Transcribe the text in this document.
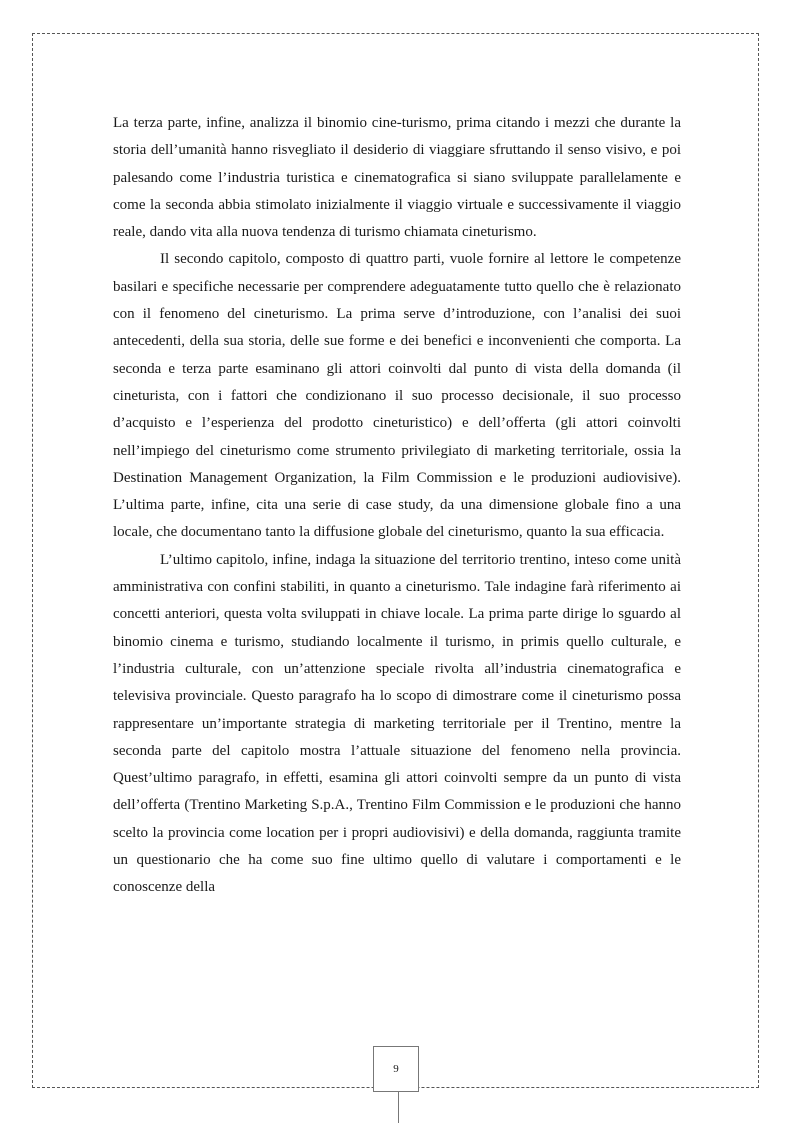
La terza parte, infine, analizza il binomio cine-turismo, prima citando i mezzi che durante la storia dell’umanità hanno risvegliato il desiderio di viaggiare sfruttando il senso visivo, e poi palesando come l’industria turistica e cinematografica si siano sviluppate parallelamente e come la seconda abbia stimolato inizialmente il viaggio virtuale e successivamente il viaggio reale, dando vita alla nuova tendenza di turismo chiamata cineturismo.

Il secondo capitolo, composto di quattro parti, vuole fornire al lettore le competenze basilari e specifiche necessarie per comprendere adeguatamente tutto quello che è relazionato con il fenomeno del cineturismo. La prima serve d’introduzione, con l’analisi dei suoi antecedenti, della sua storia, delle sue forme e dei benefici e inconvenienti che comporta. La seconda e terza parte esaminano gli attori coinvolti dal punto di vista della domanda (il cineturista, con i fattori che condizionano il suo processo decisionale, il suo processo d’acquisto e l’esperienza del prodotto cineturistico) e dell’offerta (gli attori coinvolti nell’impiego del cineturismo come strumento privilegiato di marketing territoriale, ossia la Destination Management Organization, la Film Commission e le produzioni audiovisive). L’ultima parte, infine, cita una serie di case study, da una dimensione globale fino a una locale, che documentano tanto la diffusione globale del cineturismo, quanto la sua efficacia.

L’ultimo capitolo, infine, indaga la situazione del territorio trentino, inteso come unità amministrativa con confini stabiliti, in quanto a cineturismo. Tale indagine farà riferimento ai concetti anteriori, questa volta sviluppati in chiave locale. La prima parte dirige lo sguardo al binomio cinema e turismo, studiando localmente il turismo, in primis quello culturale, e l’industria culturale, con un’attenzione speciale rivolta all’industria cinematografica e televisiva provinciale. Questo paragrafo ha lo scopo di dimostrare come il cineturismo possa rappresentare un’importante strategia di marketing territoriale per il Trentino, mentre la seconda parte del capitolo mostra l’attuale situazione del fenomeno nella provincia. Quest’ultimo paragrafo, in effetti, esamina gli attori coinvolti sempre da un punto di vista dell’offerta (Trentino Marketing S.p.A., Trentino Film Commission e le produzioni che hanno scelto la provincia come location per i propri audiovisivi) e della domanda, raggiunta tramite un questionario che ha come suo fine ultimo quello di valutare i comportamenti e le conoscenze della

9
